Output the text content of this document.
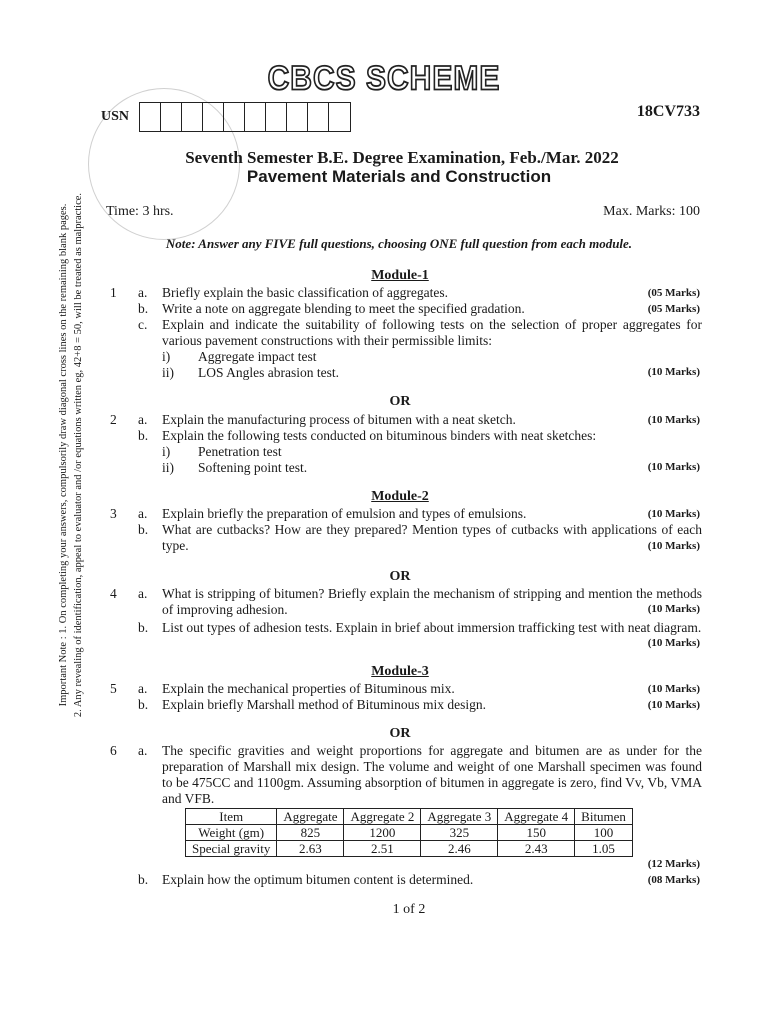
CBCS SCHEME
USN	18CV733
Seventh Semester B.E. Degree Examination, Feb./Mar. 2022
Pavement Materials and Construction
Time: 3 hrs.	Max. Marks: 100
Note: Answer any FIVE full questions, choosing ONE full question from each module.
Important Note : 1. On completing your answers, compulsorily draw diagonal cross lines on the remaining blank pages. 2. Any revealing of identification, appeal to evaluator and /or equations written eg, 42+8 = 50, will be treated as malpractice.	Module-1
1 a. Briefly explain the basic classification of aggregates.	(05 Marks)
b. Write a note on aggregate blending to meet the specified gradation.	(05 Marks)
c. Explain and indicate the suitability of following tests on the selection of proper aggregates for various pavement constructions with their permissible limits:
i) Aggregate impact test
ii) LOS Angles abrasion test.	(10 Marks)
OR
2 a. Explain the manufacturing process of bitumen with a neat sketch.	(10 Marks)
b. Explain the following tests conducted on bituminous binders with neat sketches:
i) Penetration test
ii) Softening point test.	(10 Marks)
Module-2
3 a. Explain briefly the preparation of emulsion and types of emulsions.	(10 Marks)
b. What are cutbacks? How are they prepared? Mention types of cutbacks with applications of each type.	(10 Marks)
OR
4 a. What is stripping of bitumen? Briefly explain the mechanism of stripping and mention the methods of improving adhesion.	(10 Marks)
b. List out types of adhesion tests. Explain in brief about immersion trafficking test with neat diagram.
(10 Marks)
Module-3
5 a. Explain the mechanical properties of Bituminous mix.	(10 Marks)
b. Explain briefly Marshall method of Bituminous mix design.	(10 Marks)
OR
6 a. The specific gravities and weight proportions for aggregate and bitumen are as under for the preparation of Marshall mix design. The volume and weight of one Marshall specimen was found to be 475CC and 1100gm. Assuming absorption of bitumen in aggregate is zero, find Vv, Vb, VMA and VFB.
Item	Aggregate	Aggregate 2	Aggregate 3	Aggregate 4	Bitumen
Weight (gm)	825	1200	325	150	100
Special gravity	2.63	2.51	2.46	2.43	1.05
(12 Marks)
b. Explain how the optimum bitumen content is determined.	(08 Marks)
1 of 2
